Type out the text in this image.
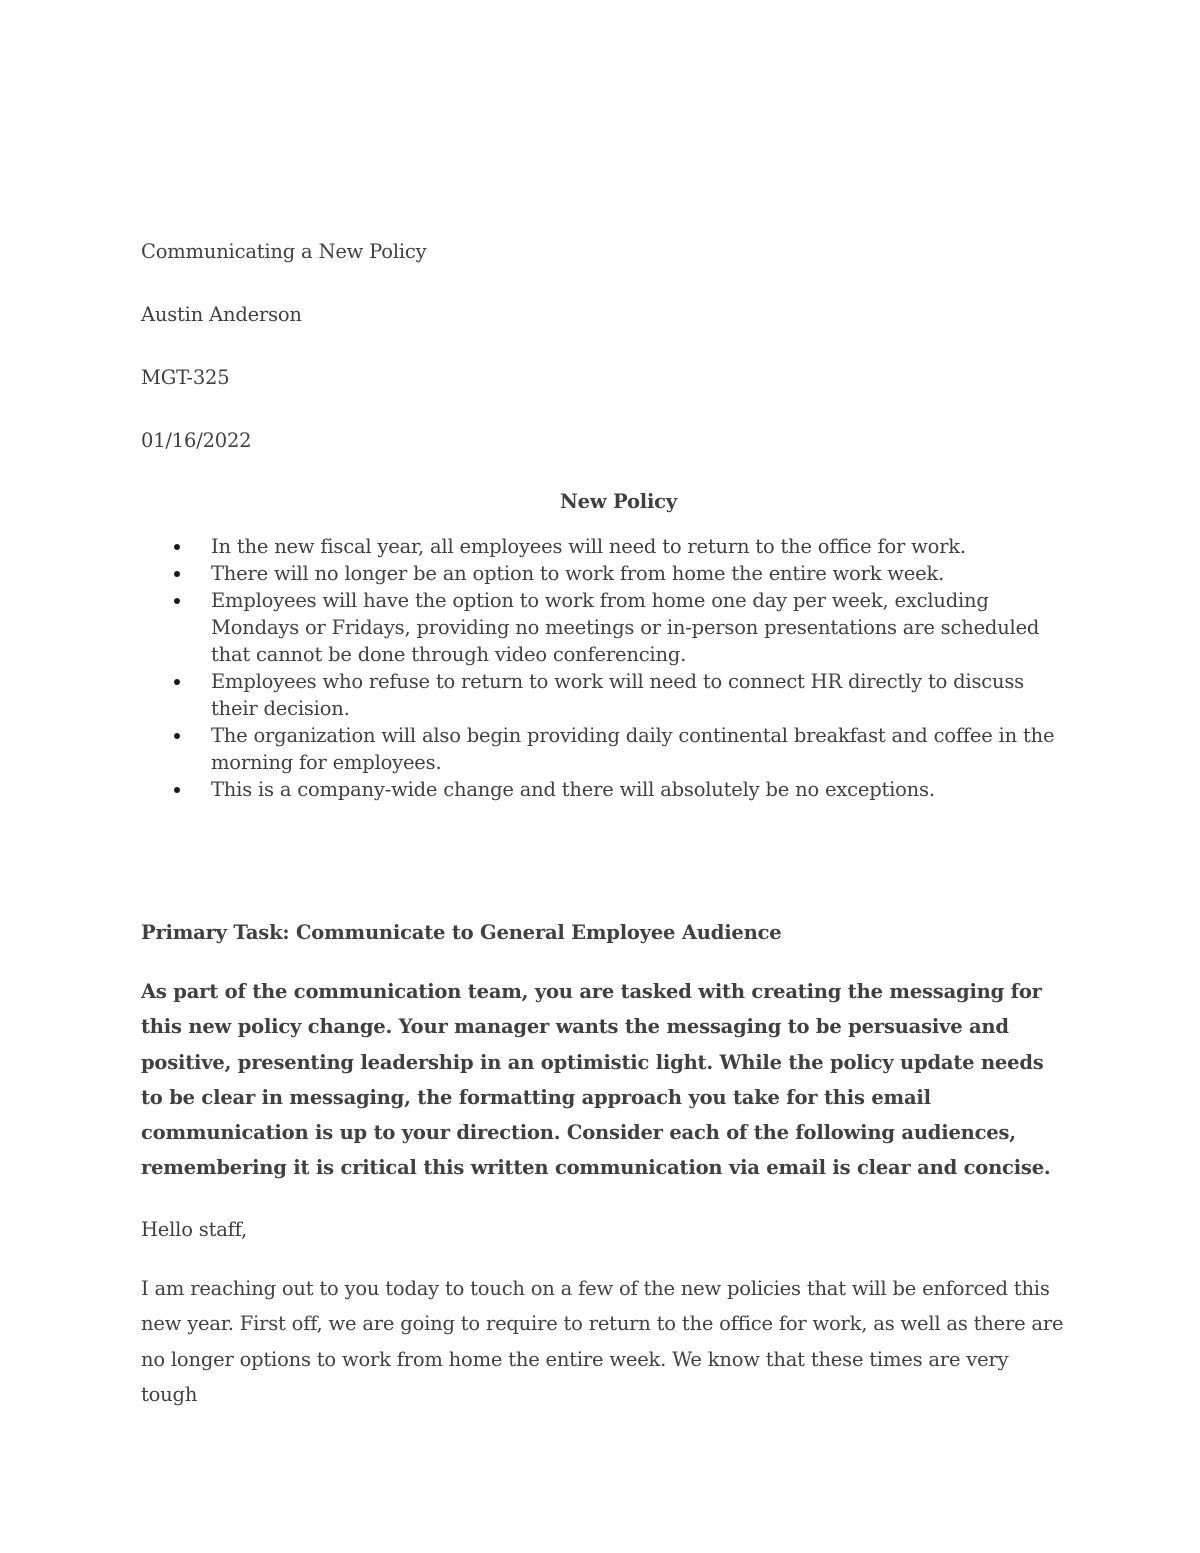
Communicating a New Policy

Austin Anderson

MGT-325

01/16/2022

New Policy

In the new fiscal year, all employees will need to return to the office for work.
There will no longer be an option to work from home the entire work week.
Employees will have the option to work from home one day per week, excluding Mondays or Fridays, providing no meetings or in-person presentations are scheduled that cannot be done through video conferencing.
Employees who refuse to return to work will need to connect HR directly to discuss their decision.
The organization will also begin providing daily continental breakfast and coffee in the morning for employees.
This is a company-wide change and there will absolutely be no exceptions.

Primary Task: Communicate to General Employee Audience

As part of the communication team, you are tasked with creating the messaging for this new policy change. Your manager wants the messaging to be persuasive and positive, presenting leadership in an optimistic light. While the policy update needs to be clear in messaging, the formatting approach you take for this email communication is up to your direction. Consider each of the following audiences, remembering it is critical this written communication via email is clear and concise.

Hello staff,

I am reaching out to you today to touch on a few of the new policies that will be enforced this new year. First off, we are going to require to return to the office for work, as well as there are no longer options to work from home the entire week. We know that these times are very tough
